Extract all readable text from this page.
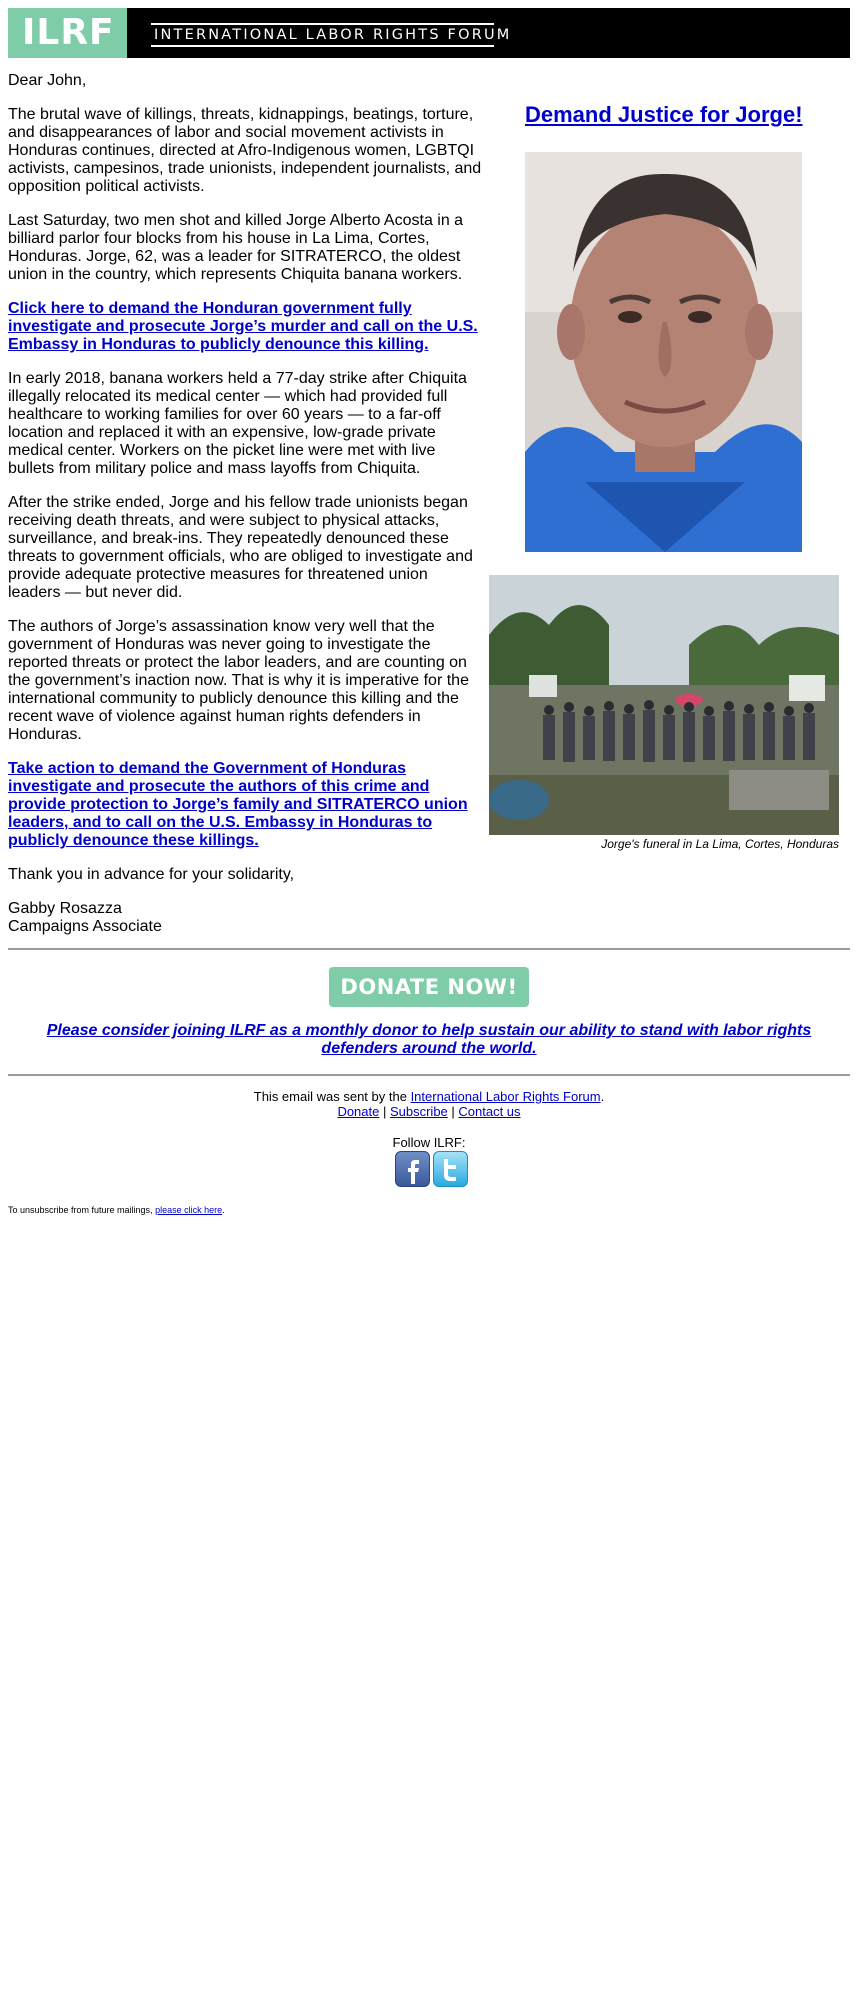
ILRF	INTERNATIONAL LABOR RIGHTS FORUM

Dear John,

The brutal wave of killings, threats, kidnappings, beatings, torture, and disappearances of labor and social movement activists in Honduras continues, directed at Afro-Indigenous women, LGBTQI activists, campesinos, trade unionists, independent journalists, and opposition political activists.

Last Saturday, two men shot and killed Jorge Alberto Acosta in a billiard parlor four blocks from his house in La Lima, Cortes, Honduras. Jorge, 62, was a leader for SITRATERCO, the oldest union in the country, which represents Chiquita banana workers.

Click here to demand the Honduran government fully investigate and prosecute Jorge’s murder and call on the U.S. Embassy in Honduras to publicly denounce this killing.

In early 2018, banana workers held a 77-day strike after Chiquita illegally relocated its medical center — which had provided full healthcare to working families for over 60 years — to a far-off location and replaced it with an expensive, low-grade private medical center. Workers on the picket line were met with live bullets from military police and mass layoffs from Chiquita.

After the strike ended, Jorge and his fellow trade unionists began receiving death threats, and were subject to physical attacks, surveillance, and break-ins. They repeatedly denounced these threats to government officials, who are obliged to investigate and provide adequate protective measures for threatened union leaders — but never did.

The authors of Jorge’s assassination know very well that the government of Honduras was never going to investigate the reported threats or protect the labor leaders, and are counting on the government’s inaction now. That is why it is imperative for the international community to publicly denounce this killing and the recent wave of violence against human rights defenders in Honduras.

Take action to demand the Government of Honduras investigate and prosecute the authors of this crime and provide protection to Jorge’s family and SITRATERCO union leaders, and to call on the U.S. Embassy in Honduras to publicly denounce these killings.

Thank you in advance for your solidarity,

Gabby Rosazza
Campaigns Associate

Demand Justice for Jorge!
Jorge's funeral in La Lima, Cortes, Honduras
DONATE NOW!
Please consider joining ILRF as a monthly donor to help sustain our ability to stand with labor rights defenders around the world.
This email was sent by the International Labor Rights Forum.
Donate | Subscribe | Contact us
Follow ILRF:
To unsubscribe from future mailings, please click here.
